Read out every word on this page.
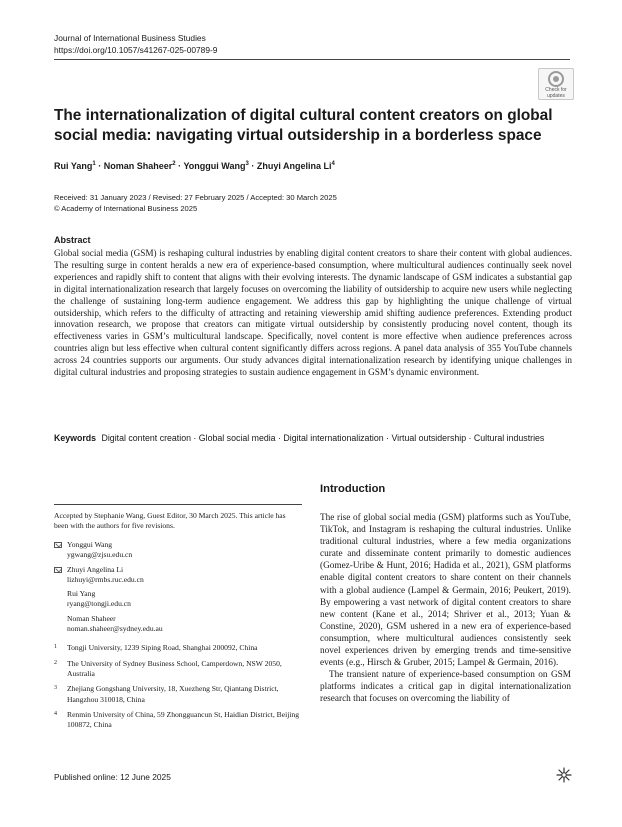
Journal of International Business Studies
https://doi.org/10.1057/s41267-025-00789-9
Check for
updates
The internationalization of digital cultural content creators on global social media: navigating virtual outsidership in a borderless space
Rui Yang$^1$ · Noman Shaheer$^2$ · Yonggui Wang$^3$ · Zhuyi Angelina Li$^4$
Received: 31 January 2023 / Revised: 27 February 2025 / Accepted: 30 March 2025
© Academy of International Business 2025
Abstract
Global social media (GSM) is reshaping cultural industries by enabling digital content creators to share their content with global audiences. The resulting surge in content heralds a new era of experience-based consumption, where multicultural audiences continually seek novel experiences and rapidly shift to content that aligns with their evolving interests. The dynamic landscape of GSM indicates a substantial gap in digital internationalization research that largely focuses on overcoming the liability of outsidership to acquire new users while neglecting the challenge of sustaining long-term audience engagement. We address this gap by highlighting the unique challenge of virtual outsidership, which refers to the difficulty of attracting and retaining viewership amid shifting audience preferences. Extending product innovation research, we propose that creators can mitigate virtual outsidership by consistently producing novel content, though its effectiveness varies in GSM’s multicultural landscape. Specifically, novel content is more effective when audience preferences across countries align but less effective when cultural content significantly differs across regions. A panel data analysis of 355 YouTube channels across 24 countries supports our arguments. Our study advances digital internationalization research by identifying unique challenges in digital cultural industries and proposing strategies to sustain audience engagement in GSM’s dynamic environment.
Keywords Digital content creation · Global social media · Digital internationalization · Virtual outsidership · Cultural industries
Accepted by Stephanie Wang, Guest Editor, 30 March 2025. This article has been with the authors for five revisions.
Yonggui Wang
ygwang@zjsu.edu.cn
Zhuyi Angelina Li
lizhuyi@rmbs.ruc.edu.cn
Rui Yang
ryang@tongji.edu.cn
Noman Shaheer
noman.shaheer@sydney.edu.au
1 Tongji University, 1239 Siping Road, Shanghai 200092, China
2 The University of Sydney Business School, Camperdown, NSW 2050, Australia
3 Zhejiang Gongshang University, 18, Xuezheng Str, Qiantang District, Hangzhou 310018, China
4 Renmin University of China, 59 Zhongguancun St, Haidian District, Beijing 100872, China
Published online: 12 June 2025
Introduction

The rise of global social media (GSM) platforms such as YouTube, TikTok, and Instagram is reshaping the cultural industries. Unlike traditional cultural industries, where a few media organizations curate and disseminate content primarily to domestic audiences (Gomez-Uribe & Hunt, 2016; Hadida et al., 2021), GSM platforms enable digital content creators to share content on their channels with a global audience (Lampel & Germain, 2016; Peukert, 2019). By empowering a vast network of digital content creators to share new content (Kane et al., 2014; Shriver et al., 2013; Yuan & Constine, 2020), GSM ushered in a new era of experience-based consumption, where multicultural audiences consistently seek novel experiences driven by emerging trends and time-sensitive events (e.g., Hirsch & Gruber, 2015; Lampel & Germain, 2016).

The transient nature of experience-based consumption on GSM platforms indicates a critical gap in digital internationalization research that focuses on overcoming the liability of
